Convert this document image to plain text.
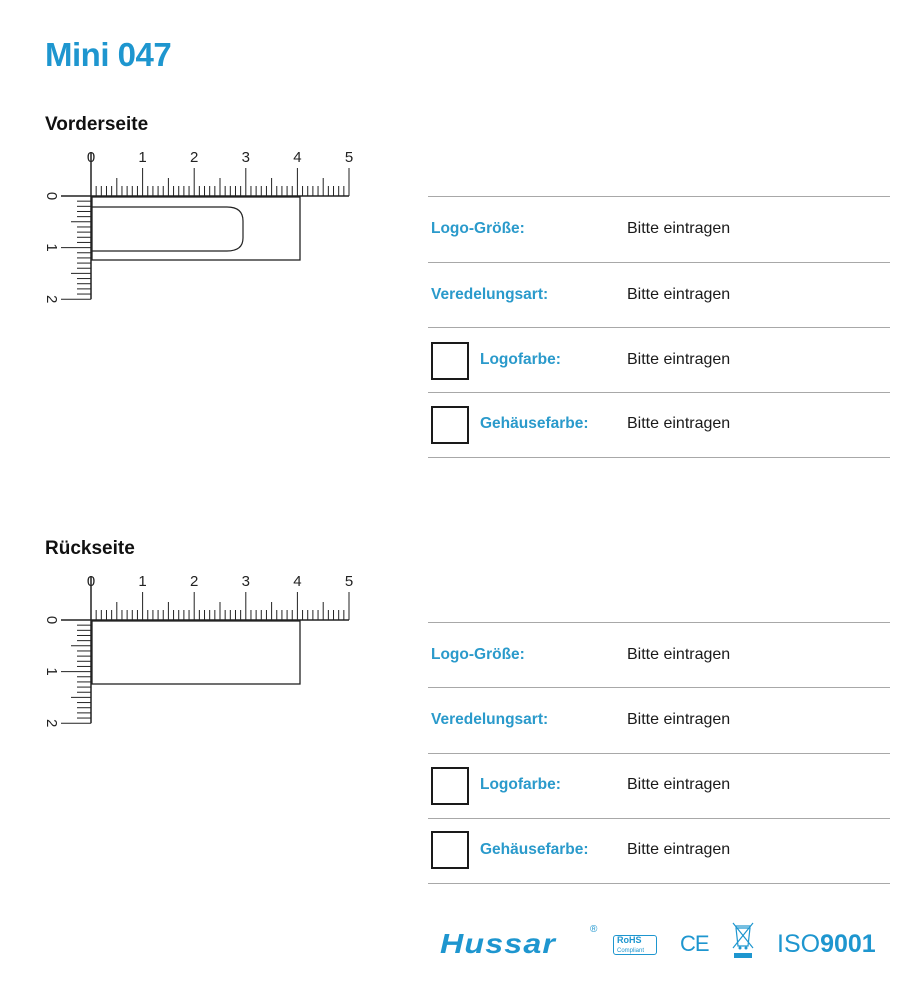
Mini 047
Vorderseite
0	1	2	3	4	5
0
1
2
Logo-Größe:	Bitte eintragen
Veredelungsart:	Bitte eintragen
Logofarbe:	Bitte eintragen
Gehäusefarbe: Bitte eintragen
Rückseite
0	1	2	3	4	5
0
1
2
Logo-Größe:	Bitte eintragen
Veredelungsart:	Bitte eintragen
Logofarbe:	Bitte eintragen
Gehäusefarbe: Bitte eintragen
Hussar	®
RoHS
Compliant	CE	ISO9001
